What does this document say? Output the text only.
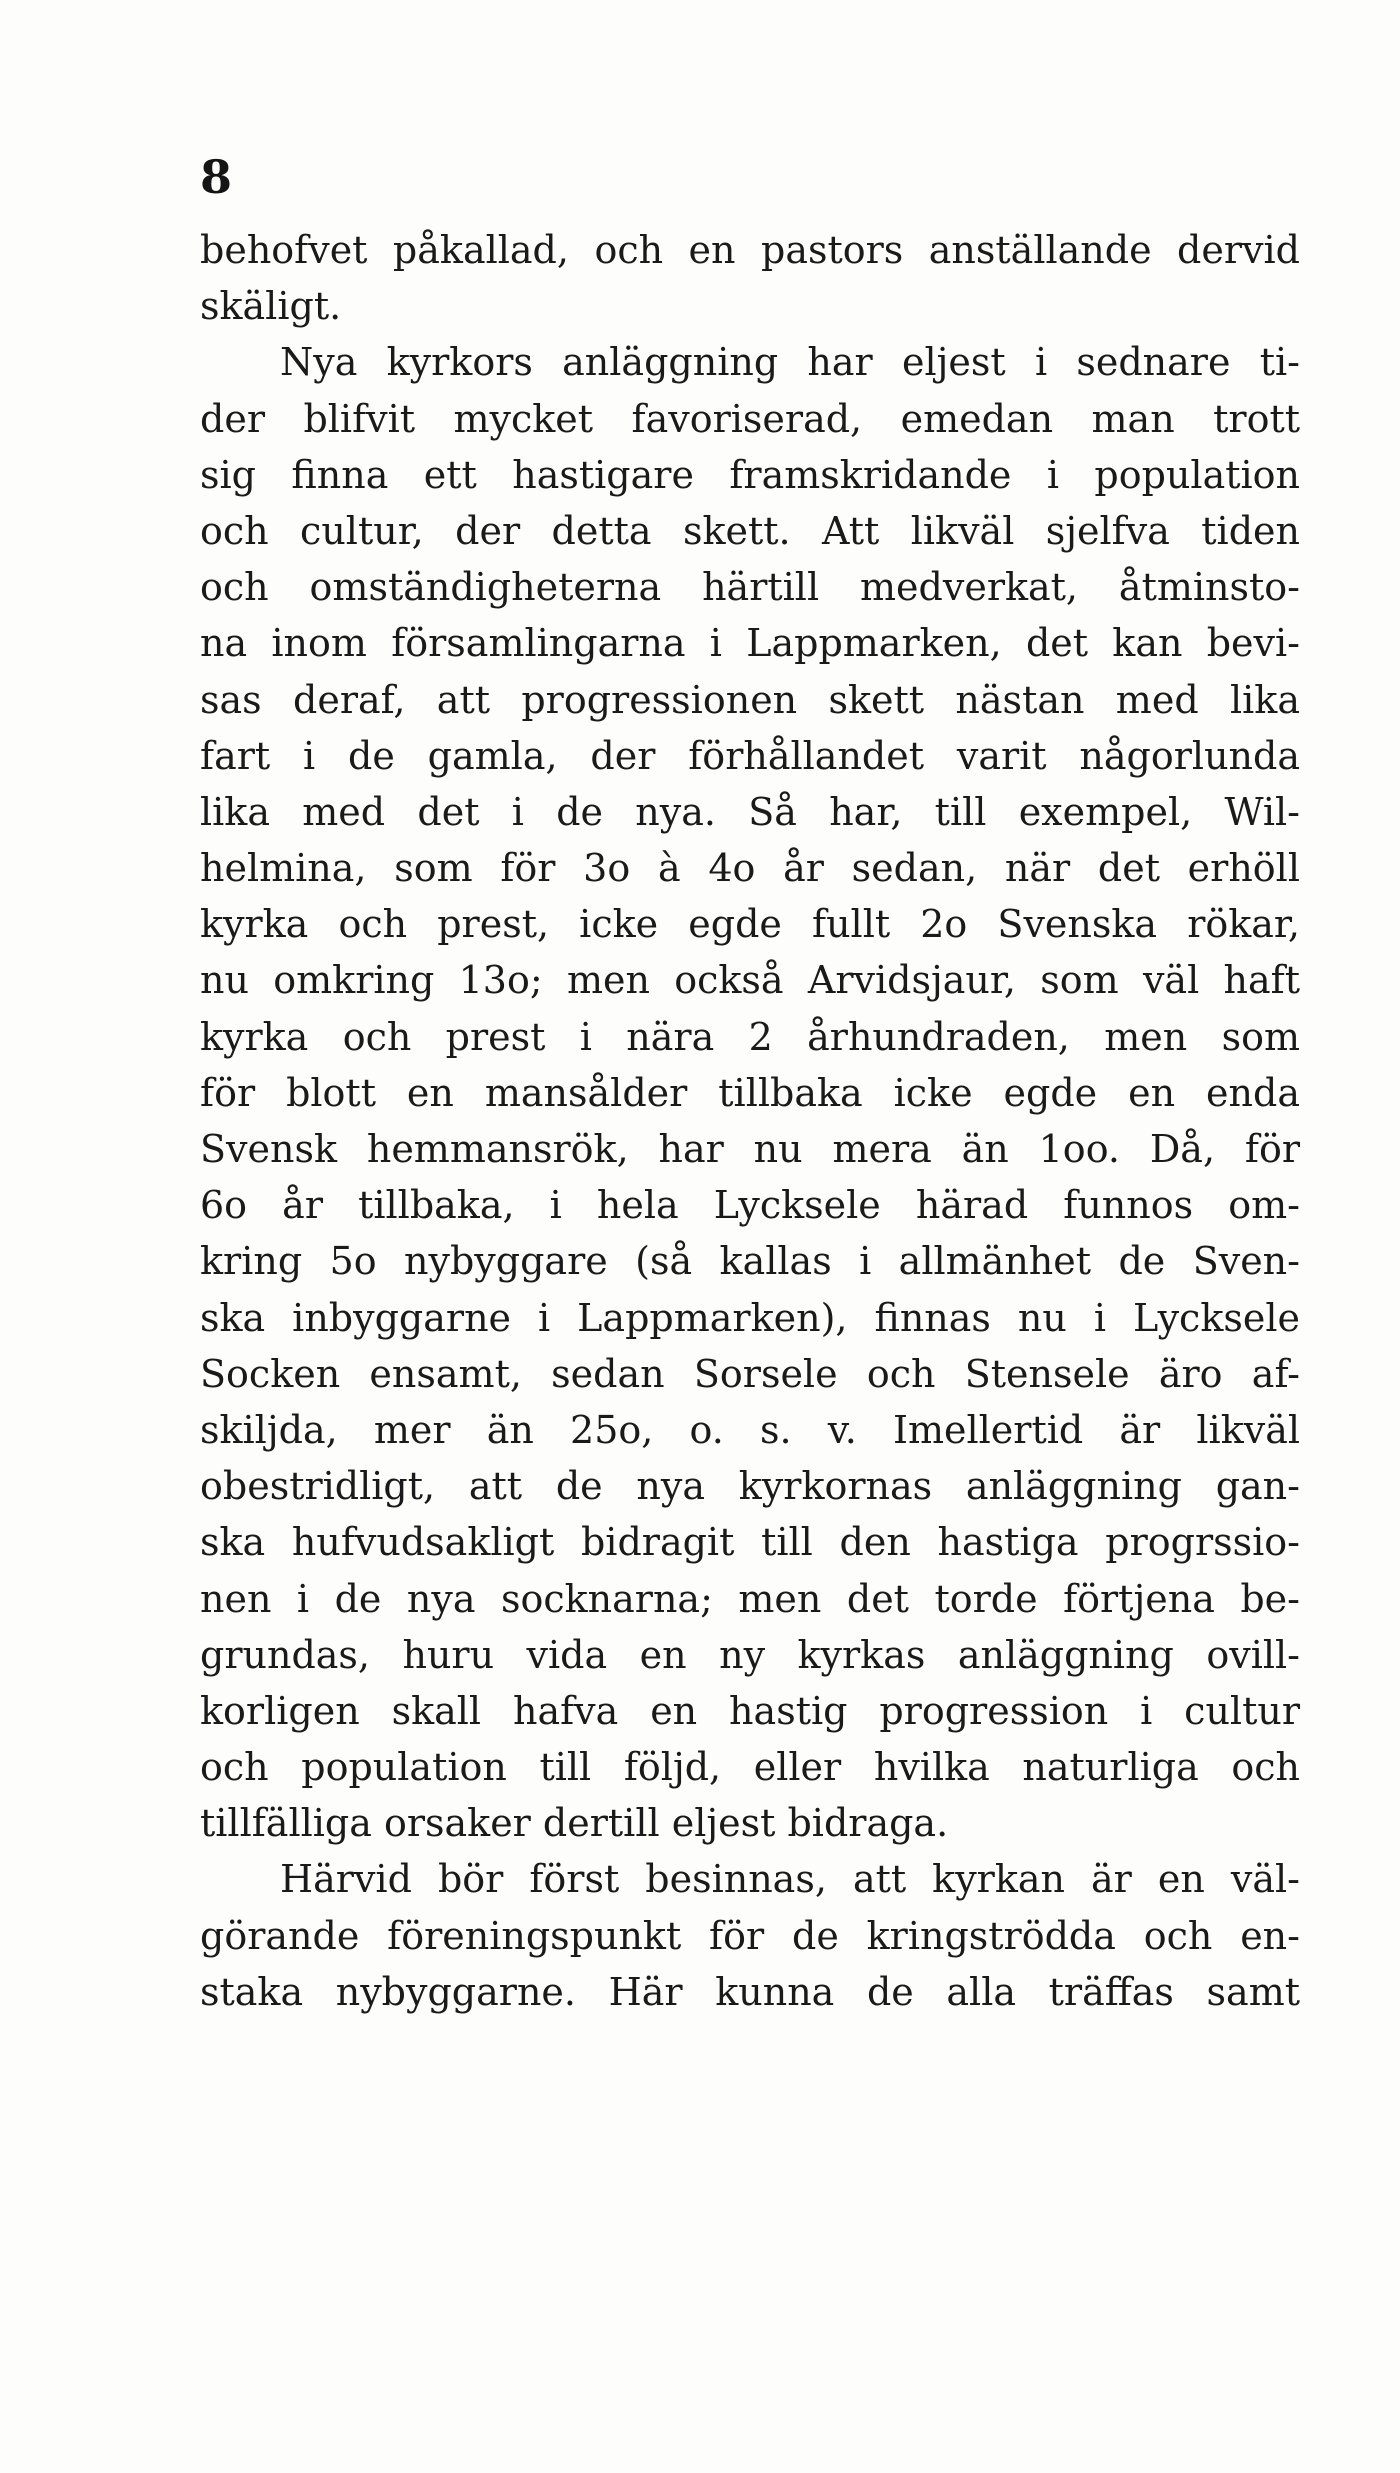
8
behofvet påkallad, och en pastors anställande dervid
skäligt.
Nya kyrkors anläggning har eljest i sednare ti-
der blifvit mycket favoriserad, emedan man trott
sig finna ett hastigare framskridande i population
och cultur, der detta skett. Att likväl sjelfva tiden
och omständigheterna härtill medverkat, åtminsto-
na inom församlingarna i Lappmarken, det kan bevi-
sas deraf, att progressionen skett nästan med lika
fart i de gamla, der förhållandet varit någorlunda
lika med det i de nya. Så har, till exempel, Wil-
helmina, som för 3o à 4o år sedan, när det erhöll
kyrka och prest, icke egde fullt 2o Svenska rökar,
nu omkring 13o; men också Arvidsjaur, som väl haft
kyrka och prest i nära 2 århundraden, men som
för blott en mansålder tillbaka icke egde en enda
Svensk hemmansrök, har nu mera än 1oo. Då, för
6o år tillbaka, i hela Lycksele härad funnos om-
kring 5o nybyggare (så kallas i allmänhet de Sven-
ska inbyggarne i Lappmarken), finnas nu i Lycksele
Socken ensamt, sedan Sorsele och Stensele äro af-
skiljda, mer än 25o, o. s. v. Imellertid är likväl
obestridligt, att de nya kyrkornas anläggning gan-
ska hufvudsakligt bidragit till den hastiga progrssio-
nen i de nya socknarna; men det torde förtjena be-
grundas, huru vida en ny kyrkas anläggning ovill-
korligen skall hafva en hastig progression i cultur
och population till följd, eller hvilka naturliga och
tillfälliga orsaker dertill eljest bidraga.
Härvid bör först besinnas, att kyrkan är en väl-
görande föreningspunkt för de kringströdda och en-
staka nybyggarne. Här kunna de alla träffas samt
